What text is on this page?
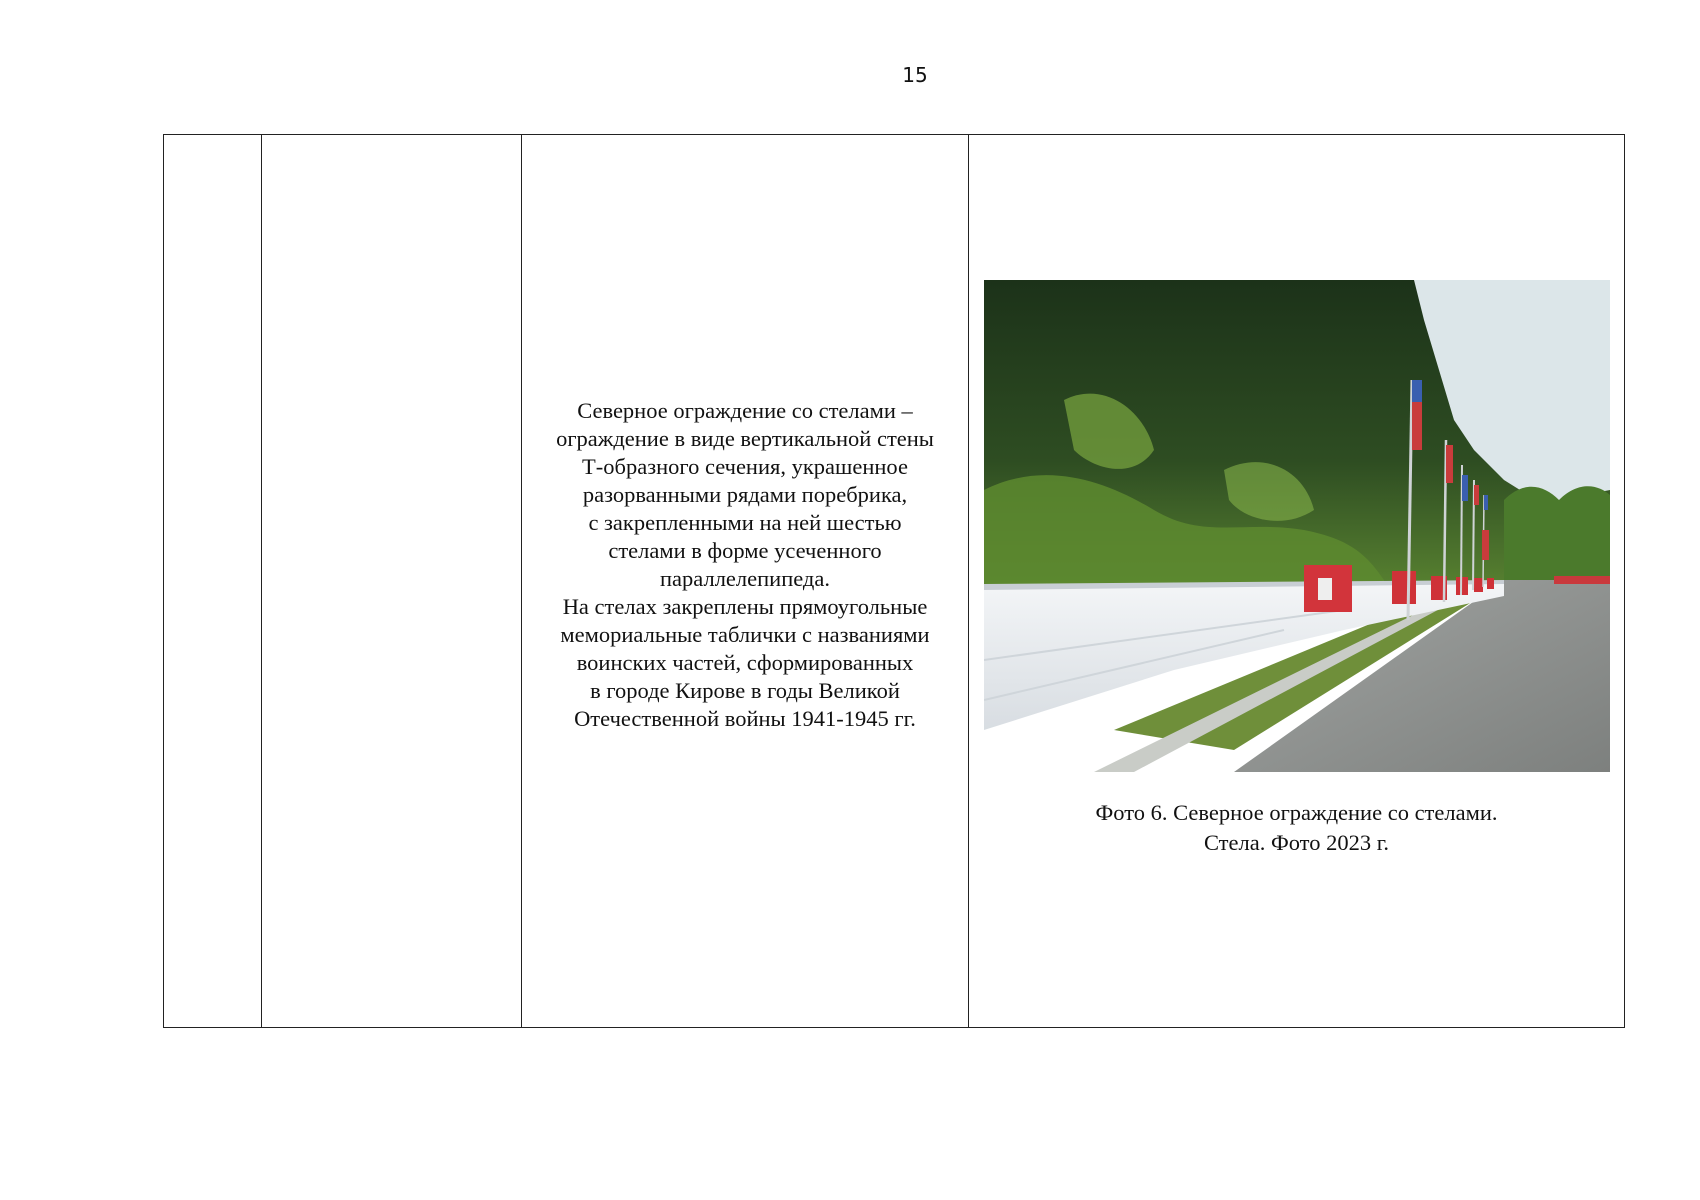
15

Северное ограждение со стелами –
ограждение в виде вертикальной стены
Т-образного сечения, украшенное
разорванными рядами поребрика,
с закрепленными на ней шестью
стелами в форме усеченного
параллелепипеда.
На стелах закреплены прямоугольные
мемориальные таблички с названиями
воинских частей, сформированных
в городе Кирове в годы Великой
Отечественной войны 1941-1945 гг.

Фото 6. Северное ограждение со стелами.
Стела. Фото 2023 г.
